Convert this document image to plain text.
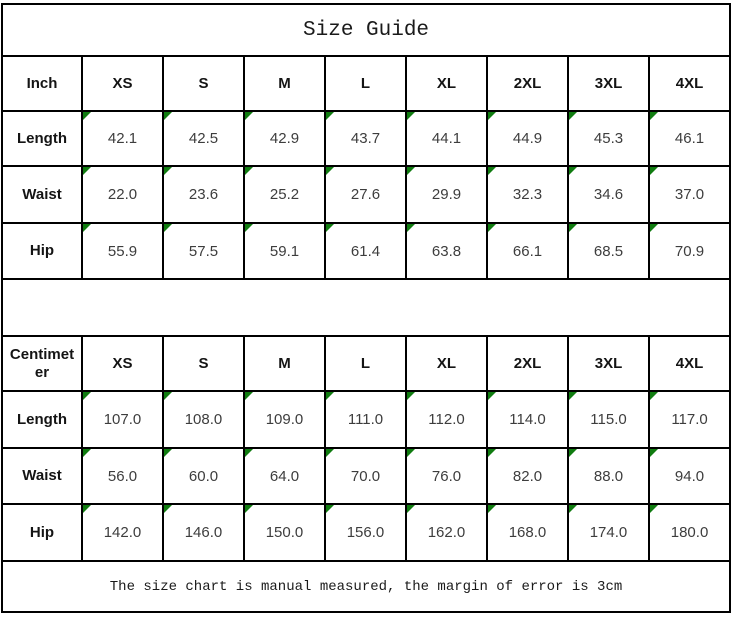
Size Guide								
Inch	XS	S	M	L	XL	2XL	3XL	4XL
Length	42.1	42.5	42.9	43.7	44.1	44.9	45.3	46.1
Waist	22.0	23.6	25.2	27.6	29.9	32.3	34.6	37.0
Hip	55.9	57.5	59.1	61.4	63.8	66.1	68.5	70.9

Centimeter	XS	S	M	L	XL	2XL	3XL	4XL
Length	107.0	108.0	109.0	111.0	112.0	114.0	115.0	117.0
Waist	56.0	60.0	64.0	70.0	76.0	82.0	88.0	94.0
Hip	142.0	146.0	150.0	156.0	162.0	168.0	174.0	180.0
The size chart is manual measured, the margin of error is 3cm								
